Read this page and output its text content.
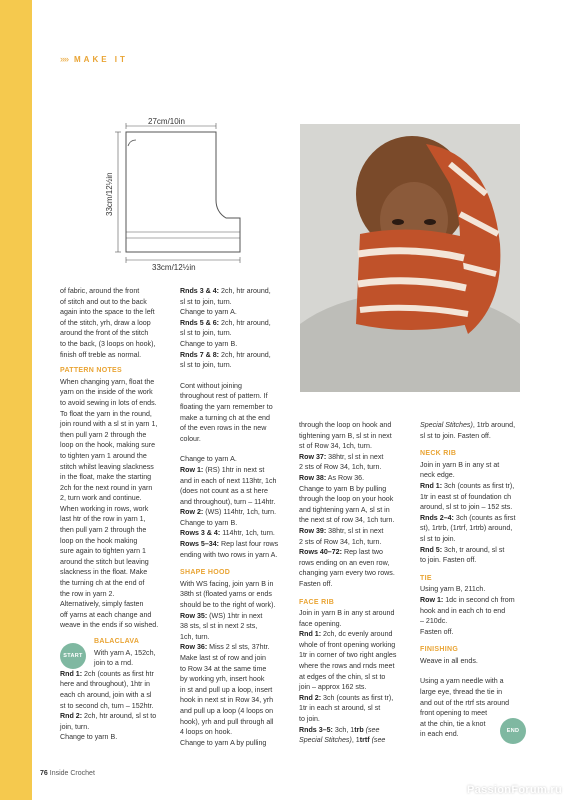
»» MAKE IT
27cm/10in
33cm/12½in
33cm/12½in

of fabric, around the front

of stitch and out to the back

again into the space to the left

of the stitch, yrh, draw a loop

around the front of the stitch

to the back, (3 loops on hook),

finish off treble as normal.

PATTERN NOTES

When changing yarn, float the

yarn on the inside of the work

to avoid sewing in lots of ends.

To float the yarn in the round,

join round with a sl st in yarn 1,

then pull yarn 2 through the

loop on the hook, making sure

to tighten yarn 1 around the

stitch whilst leaving slackness

in the float, make the starting

2ch for the next round in yarn

2, turn work and continue.

When working in rows, work

last htr of the row in yarn 1,

then pull yarn 2 through the

loop on the hook making

sure again to tighten yarn 1

around the stitch but leaving

slackness in the float. Make

the turning ch at the end of

the row in yarn 2.

Alternatively, simply fasten

off yarns at each change and

weave in the ends if so wished.

START

BALACLAVA

With yarn A, 152ch,

join to a rnd.

Rnd 1: 2ch (counts as first htr

here and throughout), 1htr in

each ch around, join with a sl

st to second ch, turn – 152htr.

Rnd 2: 2ch, htr around, sl st to

join, turn.

Change to yarn B.

Rnds 3 & 4: 2ch, htr around,

sl st to join, turn.

Change to yarn A.

Rnds 5 & 6: 2ch, htr around,

sl st to join, turn.

Change to yarn B.

Rnds 7 & 8: 2ch, htr around,

sl st to join, turn.

Cont without joining

throughout rest of pattern. If

floating the yarn remember to

make a turning ch at the end

of the even rows in the new

colour.

Change to yarn A.

Row 1: (RS) 1htr in next st

and in each of next 113htr, 1ch

(does not count as a st here

and throughout), turn – 114htr.

Row 2: (WS) 114htr, 1ch, turn.

Change to yarn B.

Rows 3 & 4: 114htr, 1ch, turn.

Rows 5–34: Rep last four rows

ending with two rows in yarn A.

SHAPE HOOD

With WS facing, join yarn B in

38th st (floated yarns or ends

should be to the right of work).

Row 35: (WS) 1htr in next

38 sts, sl st in next 2 sts,

1ch, turn.

Row 36: Miss 2 sl sts, 37htr.

Make last st of row and join

to Row 34 at the same time

by working yrh, insert hook

in st and pull up a loop, insert

hook in next st in Row 34, yrh

and pull up a loop (4 loops on

hook), yrh and pull through all

4 loops on hook.

Change to yarn A by pulling

through the loop on hook and

tightening yarn B, sl st in next

st of Row 34, 1ch, turn.

Row 37: 38htr, sl st in next

2 sts of Row 34, 1ch, turn.

Row 38: As Row 36.

Change to yarn B by pulling

through the loop on your hook

and tightening yarn A, sl st in

the next st of row 34, 1ch turn.

Row 39: 38htr, sl st in next

2 sts of Row 34, 1ch, turn.

Rows 40–72: Rep last two

rows ending on an even row,

changing yarn every two rows.

Fasten off.

FACE RIB

Join in yarn B in any st around

face opening.

Rnd 1: 2ch, dc evenly around

whole of front opening working

1tr in corner of two right angles

where the rows and rnds meet

at edges of the chin, sl st to

join – approx 162 sts.

Rnd 2: 3ch (counts as first tr),

1tr in each st around, sl st

to join.

Rnds 3–5: 3ch, 1trb (see

Special Stitches), 1trtf (see

Special Stitches), 1trb around,

sl st to join. Fasten off.

NECK RIB

Join in yarn B in any st at

neck edge.

Rnd 1: 3ch (counts as first tr),

1tr in east st of foundation ch

around, sl st to join – 152 sts.

Rnds 2–4: 3ch (counts as first

st), 1rtrb, (1rtrf, 1rtrb) around,

sl st to join.

Rnd 5: 3ch, tr around, sl st

to join. Fasten off.

TIE

Using yarn B, 211ch.

Row 1: 1dc in second ch from

hook and in each ch to end

– 210dc.

Fasten off.

FINISHING

Weave in all ends.

Using a yarn needle with a

large eye, thread the tie in

and out of the rtrf sts around

front opening to meet

at the chin, tie a knot

in each end.	END
76 Inside Crochet
PassionForum.ru
